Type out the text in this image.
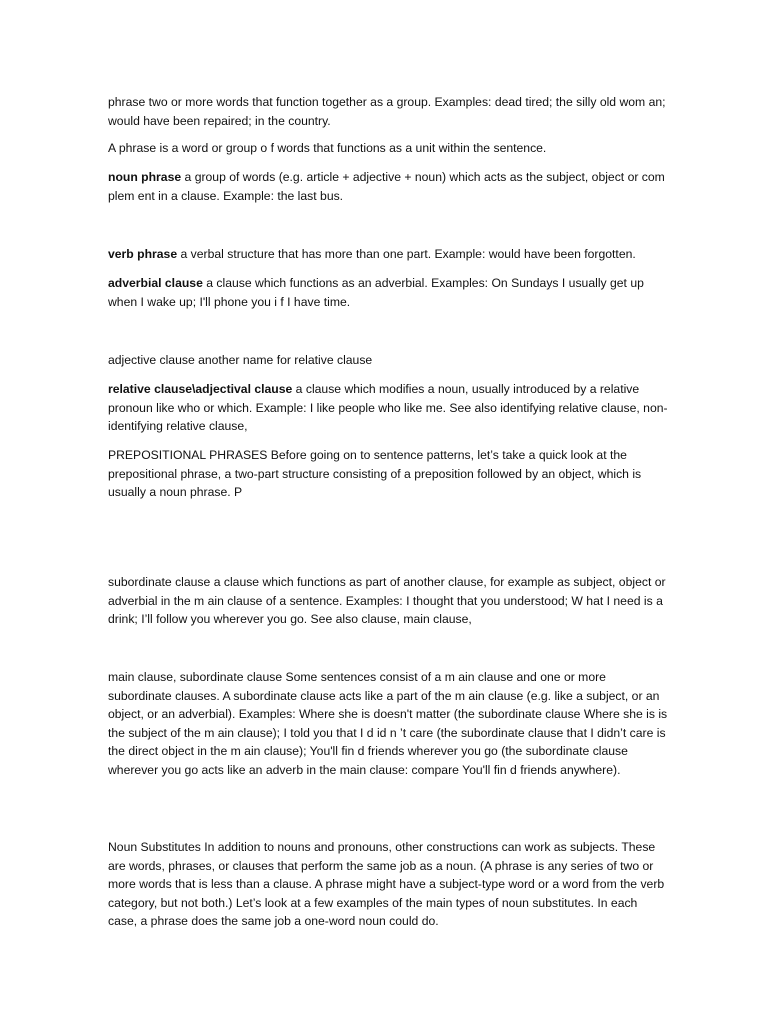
phrase two or more words that function together as a group. Examples: dead tired; the silly old wom an; would have been repaired; in the country.

A phrase is a word or group o f words that functions as a unit within the sentence.

noun phrase a group of words (e.g. article + adjective + noun) which acts as the subject, object or com plem ent in a clause. Example: the last bus.

verb phrase a verbal structure that has more than one part. Example: would have been forgotten.

adverbial clause a clause which functions as an adverbial. Examples: On Sundays I usually get up when I wake up; I'll phone you i f I have time.

adjective clause another name for relative clause

relative clause\adjectival clause a clause which modifies a noun, usually introduced by a relative pronoun like who or which. Example: I like people who like me. See also identifying relative clause, non-identifying relative clause,

PREPOSITIONAL PHRASES Before going on to sentence patterns, let’s take a quick look at the prepositional phrase, a two-part structure consisting of a preposition followed by an object, which is usually a noun phrase. P

subordinate clause a clause which functions as part of another clause, for example as subject, object or adverbial in the m ain clause of a sentence. Examples: I thought that you understood; W hat I need is a drink; I’ll follow you wherever you go. See also clause, main clause,

main clause, subordinate clause Some sentences consist of a m ain clause and one or more subordinate clauses. A subordinate clause acts like a part of the m ain clause (e.g. like a subject, or an object, or an adverbial). Examples: Where she is doesn't matter (the subordinate clause Where she is is the subject of the m ain clause); I told you that I d id n ’t care (the subordinate clause that I didn’t care is the direct object in the m ain clause); You'll fin d friends wherever you go (the subordinate clause wherever you go acts like an adverb in the main clause: compare You'll fin d friends anywhere).

Noun Substitutes In addition to nouns and pronouns, other constructions can work as subjects. These are words, phrases, or clauses that perform the same job as a noun. (A phrase is any series of two or more words that is less than a clause. A phrase might have a subject-type word or a word from the verb category, but not both.) Let’s look at a few examples of the main types of noun substitutes. In each case, a phrase does the same job a one-word noun could do.
